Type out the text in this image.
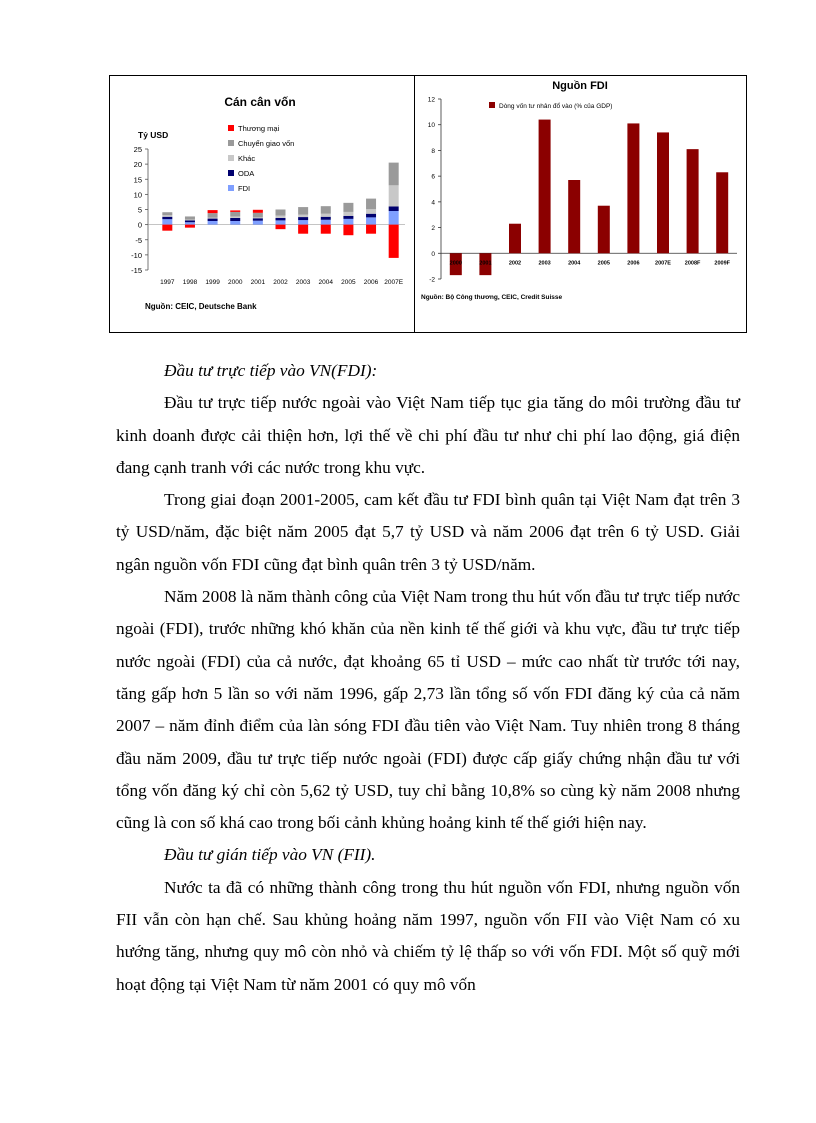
Cán cân vốn
Tỷ USD
Nguồn: CEIC, Deutsche Bank
25
20
15
10
5
0
-5
-10
-15
1997 1998 1999 2000 2001 2002 2003 2004 2005 2006 2007E
Thương mại
Chuyển giao vốn
Khác
ODA
FDI
Nguồn FDI
Nguồn: Bộ Công thương, CEIC, Credit Suisse
12
10
8
6
4
2
0
-2
2000	2001	2002	2003	2004	2005	2006	2007E	2008F	2009F
Dòng vốn tư nhân đổ vào (% của GDP)

Đầu tư trực tiếp vào VN(FDI):

Đầu tư trực tiếp nước ngoài vào Việt Nam tiếp tục gia tăng do môi trường đầu tư kinh doanh được cải thiện hơn, lợi thế về chi phí đầu tư như chi phí lao động, giá điện đang cạnh tranh với các nước trong khu vực.

Trong giai đoạn 2001-2005, cam kết đầu tư FDI bình quân tại Việt Nam đạt trên 3 tỷ USD/năm, đặc biệt năm 2005 đạt 5,7 tỷ USD và năm 2006 đạt trên 6 tỷ USD. Giải ngân nguồn vốn FDI cũng đạt bình quân trên 3 tỷ USD/năm.

Năm 2008 là năm thành công của Việt Nam trong thu hút vốn đầu tư trực tiếp nước ngoài (FDI), trước những khó khăn của nền kinh tế thế giới và khu vực, đầu tư trực tiếp nước ngoài (FDI) của cả nước, đạt khoảng 65 tỉ USD – mức cao nhất từ trước tới nay, tăng gấp hơn 5 lần so với năm 1996, gấp 2,73 lần tổng số vốn FDI đăng ký của cả năm 2007 – năm đỉnh điểm của làn sóng FDI đầu tiên vào Việt Nam. Tuy nhiên trong 8 tháng đầu năm 2009, đầu tư trực tiếp nước ngoài (FDI) được cấp giấy chứng nhận đầu tư với tổng vốn đăng ký chỉ còn 5,62 tỷ USD, tuy chỉ bằng 10,8% so cùng kỳ năm 2008 nhưng cũng là con số khá cao trong bối cảnh khủng hoảng kinh tế thế giới hiện nay.

Đầu tư gián tiếp vào VN (FII).

Nước ta đã có những thành công trong thu hút nguồn vốn FDI, nhưng nguồn vốn FII vẫn còn hạn chế. Sau khủng hoảng năm 1997, nguồn vốn FII vào Việt Nam có xu hướng tăng, nhưng quy mô còn nhỏ và chiếm tỷ lệ thấp so với vốn FDI. Một số quỹ mới hoạt động tại Việt Nam từ năm 2001 có quy mô vốn
